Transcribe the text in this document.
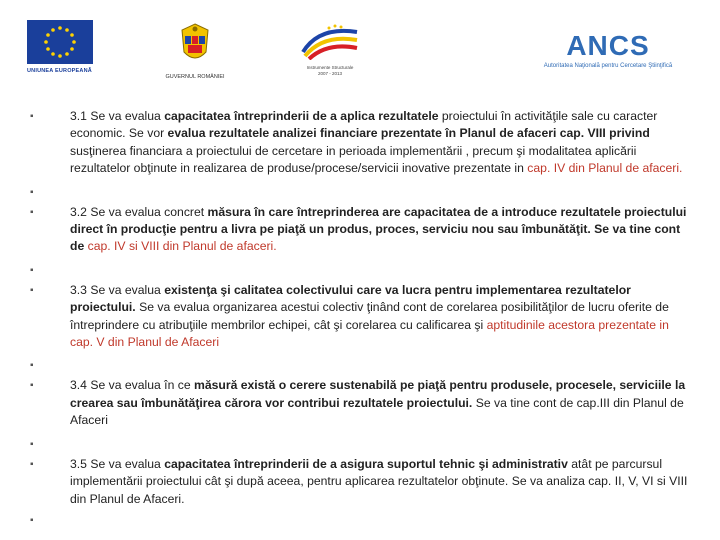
UNIUNEA EUROPEANĂ
GUVERNUL ROMÂNIEI
Instrumente Structurale
2007 - 2013
ANCS
Autoritatea Naţională pentru Cercetare Ştiinţifică
▪	3.1 Se va evalua capacitatea întreprinderii de a aplica rezultatele proiectului în activităţile sale cu caracter economic. Se vor evalua rezultatele analizei financiare prezentate în Planul de afaceri cap. VIII privind susţinerea financiara a proiectului de cercetare in perioada implementării , precum şi modalitatea aplicării rezultatelor obţinute in realizarea de produse/procese/servicii inovative prezentate in cap. IV din Planul de afaceri.
▪
▪	3.2 Se va evalua concret măsura în care întreprinderea are capacitatea de a introduce rezultatele proiectului direct în producţie pentru a livra pe piaţă un produs, proces, serviciu nou sau îmbunătăţit. Se va tine cont de cap. IV si VIII din Planul de afaceri.
▪
▪	3.3 Se va evalua existenţa şi calitatea colectivului care va lucra pentru implementarea rezultatelor proiectului. Se va evalua organizarea acestui colectiv ţinând cont de corelarea posibilităţilor de lucru oferite de întreprindere cu atribuţiile membrilor echipei, cât şi corelarea cu calificarea şi aptitudinile acestora prezentate in cap. V din Planul de Afaceri
▪
▪	3.4 Se va evalua în ce măsură există o cerere sustenabilă pe piaţă pentru produsele, procesele, serviciile la crearea sau îmbunătăţirea cărora vor contribui rezultatele proiectului. Se va tine cont de cap.III din Planul de Afaceri
▪
▪	3.5 Se va evalua capacitatea întreprinderii de a asigura suportul tehnic şi administrativ atât pe parcursul implementării proiectului cât şi după aceea, pentru aplicarea rezultatelor obţinute. Se va analiza cap. II, V, VI si VIII din Planul de Afaceri.
▪
